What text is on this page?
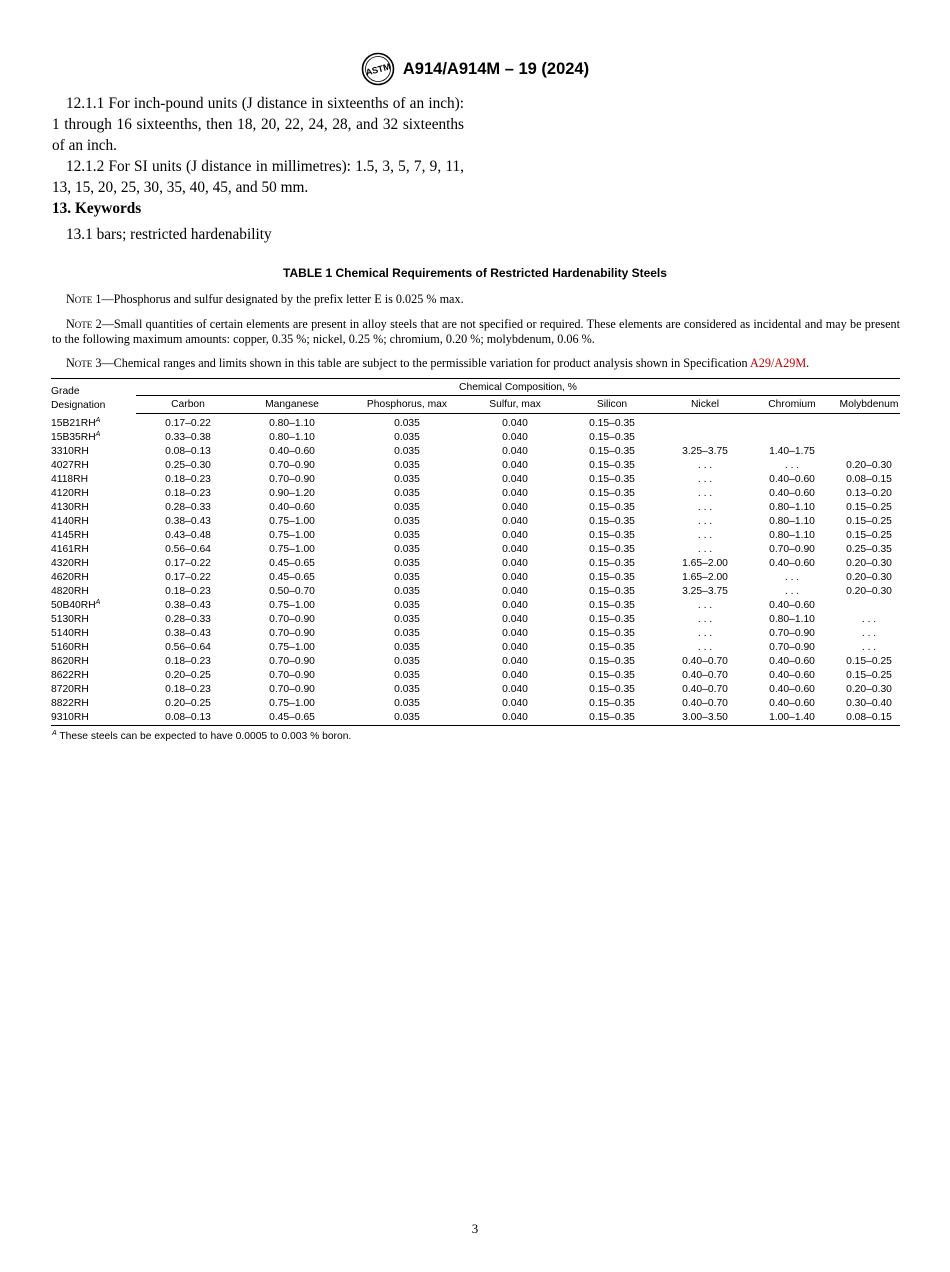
ASTM A914/A914M – 19 (2024)

12.1.1 For inch-pound units (J distance in sixteenths of an inch): 1 through 16 sixteenths, then 18, 20, 22, 24, 28, and 32 sixteenths of an inch.

12.1.2 For SI units (J distance in millimetres): 1.5, 3, 5, 7, 9, 11, 13, 15, 20, 25, 30, 35, 40, 45, and 50 mm.

13. Keywords
13.1 bars; restricted hardenability
TABLE 1 Chemical Requirements of Restricted Hardenability Steels

Note 1—Phosphorus and sulfur designated by the prefix letter E is 0.025 % max.

Note 2—Small quantities of certain elements are present in alloy steels that are not specified or required. These elements are considered as incidental and may be present to the following maximum amounts: copper, 0.35 %; nickel, 0.25 %; chromium, 0.20 %; molybdenum, 0.06 %.

Note 3—Chemical ranges and limits shown in this table are subject to the permissible variation for product analysis shown in Specification A29/A29M.

Grade
Designation	Chemical Composition, %								
	Carbon	Manganese	Phosphorus, max	Sulfur, max	Silicon	Nickel	Chromium	Molybdenum	
$15B21RH^A$	0.17–0.22	0.80–1.10	0.035	0.040	0.15–0.35				
$15B35RH^A$	0.33–0.38	0.80–1.10	0.035	0.040	0.15–0.35				
3310RH	0.08–0.13	0.40–0.60	0.035	0.040	0.15–0.35	3.25–3.75	1.40–1.75		
4027RH	0.25–0.30	0.70–0.90	0.035	0.040	0.15–0.35	. . .	. . .	0.20–0.30	
4118RH	0.18–0.23	0.70–0.90	0.035	0.040	0.15–0.35	. . .	0.40–0.60	0.08–0.15	
4120RH	0.18–0.23	0.90–1.20	0.035	0.040	0.15–0.35	. . .	0.40–0.60	0.13–0.20	
4130RH	0.28–0.33	0.40–0.60	0.035	0.040	0.15–0.35	. . .	0.80–1.10	0.15–0.25	
4140RH	0.38–0.43	0.75–1.00	0.035	0.040	0.15–0.35	. . .	0.80–1.10	0.15–0.25	
4145RH	0.43–0.48	0.75–1.00	0.035	0.040	0.15–0.35	. . .	0.80–1.10	0.15–0.25	
4161RH	0.56–0.64	0.75–1.00	0.035	0.040	0.15–0.35	. . .	0.70–0.90	0.25–0.35	
4320RH	0.17–0.22	0.45–0.65	0.035	0.040	0.15–0.35	1.65–2.00	0.40–0.60	0.20–0.30	
4620RH	0.17–0.22	0.45–0.65	0.035	0.040	0.15–0.35	1.65–2.00	. . .	0.20–0.30	
4820RH	0.18–0.23	0.50–0.70	0.035	0.040	0.15–0.35	3.25–3.75	. . .	0.20–0.30	
$50B40RH^A$	0.38–0.43	0.75–1.00	0.035	0.040	0.15–0.35	. . .	0.40–0.60		
5130RH	0.28–0.33	0.70–0.90	0.035	0.040	0.15–0.35	. . .	0.80–1.10	. . .	
5140RH	0.38–0.43	0.70–0.90	0.035	0.040	0.15–0.35	. . .	0.70–0.90	. . .	
5160RH	0.56–0.64	0.75–1.00	0.035	0.040	0.15–0.35	. . .	0.70–0.90	. . .	
8620RH	0.18–0.23	0.70–0.90	0.035	0.040	0.15–0.35	0.40–0.70	0.40–0.60	0.15–0.25	
8622RH	0.20–0.25	0.70–0.90	0.035	0.040	0.15–0.35	0.40–0.70	0.40–0.60	0.15–0.25	
8720RH	0.18–0.23	0.70–0.90	0.035	0.040	0.15–0.35	0.40–0.70	0.40–0.60	0.20–0.30	
8822RH	0.20–0.25	0.75–1.00	0.035	0.040	0.15–0.35	0.40–0.70	0.40–0.60	0.30–0.40	
9310RH	0.08–0.13	0.45–0.65	0.035	0.040	0.15–0.35	3.00–3.50	1.00–1.40	0.08–0.15	
$^A$ These steels can be expected to have 0.0005 to 0.003 % boron.
3
